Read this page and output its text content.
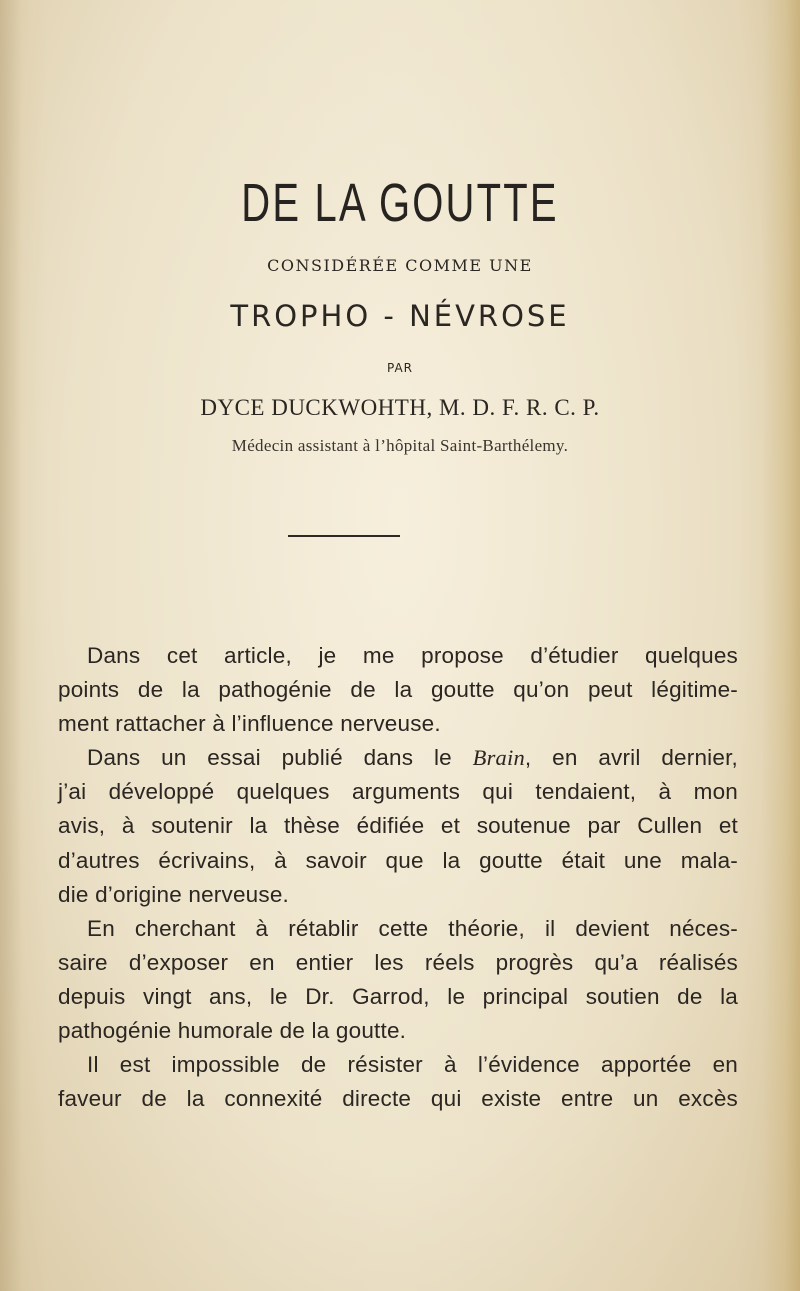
DE LA GOUTTE
CONSIDÉRÉE COMME UNE
TROPHO - NÉVROSE
PAR
DYCE DUCKWOHTH, M. D. F. R. C. P.
Médecin assistant à l’hôpital Saint-Barthélemy.
Dans cet article, je me propose d’étudier quelques
points de la pathogénie de la goutte qu’on peut légitime-
ment rattacher à l’influence nerveuse.
Dans un essai publié dans le Brain, en avril dernier,
j’ai développé quelques arguments qui tendaient, à mon
avis, à soutenir la thèse édifiée et soutenue par Cullen et
d’autres écrivains, à savoir que la goutte était une mala-
die d’origine nerveuse.
En cherchant à rétablir cette théorie, il devient néces-
saire d’exposer en entier les réels progrès qu’a réalisés
depuis vingt ans, le Dr. Garrod, le principal soutien de la
pathogénie humorale de la goutte.
Il est impossible de résister à l’évidence apportée en
faveur de la connexité directe qui existe entre un excès
